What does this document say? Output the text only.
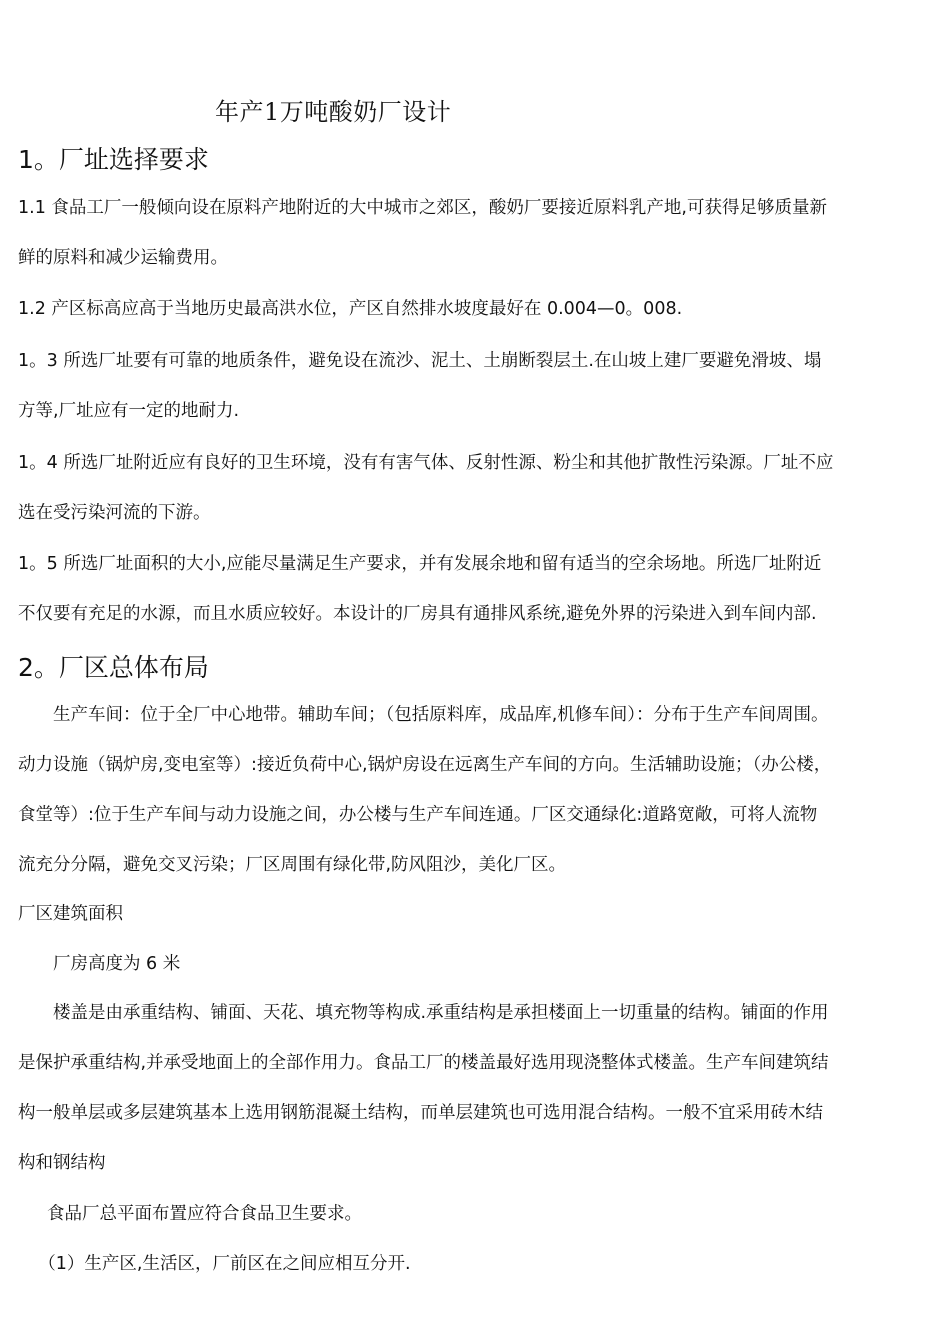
年产1万吨酸奶厂设计
1。厂址选择要求
1.1 食品工厂一般倾向设在原料产地附近的大中城市之郊区，酸奶厂要接近原料乳产地,可获得足够质量新
鲜的原料和减少运输费用。
1.2 产区标高应高于当地历史最高洪水位，产区自然排水坡度最好在 0.004—0。008.
1。3 所选厂址要有可靠的地质条件，避免设在流沙、泥土、土崩断裂层土.在山坡上建厂要避免滑坡、塌
方等,厂址应有一定的地耐力.
1。4 所选厂址附近应有良好的卫生环境，没有有害气体、反射性源、粉尘和其他扩散性污染源。厂址不应
选在受污染河流的下游。
1。5 所选厂址面积的大小,应能尽量满足生产要求，并有发展余地和留有适当的空余场地。所选厂址附近
不仅要有充足的水源，而且水质应较好。本设计的厂房具有通排风系统,避免外界的污染进入到车间内部.
2。厂区总体布局
　　生产车间：位于全厂中心地带。辅助车间；（包括原料库，成品库,机修车间）：分布于生产车间周围。
动力设施（锅炉房,变电室等）:接近负荷中心,锅炉房设在远离生产车间的方向。生活辅助设施；（办公楼，
食堂等）:位于生产车间与动力设施之间，办公楼与生产车间连通。厂区交通绿化:道路宽敞，可将人流物
流充分分隔，避免交叉污染；厂区周围有绿化带,防风阻沙，美化厂区。
厂区建筑面积
　　厂房高度为 6 米
　　楼盖是由承重结构、铺面、天花、填充物等构成.承重结构是承担楼面上一切重量的结构。铺面的作用
是保护承重结构,并承受地面上的全部作用力。食品工厂的楼盖最好选用现浇整体式楼盖。生产车间建筑结
构一般单层或多层建筑基本上选用钢筋混凝土结构，而单层建筑也可选用混合结构。一般不宜采用砖木结
构和钢结构
　　食品厂总平面布置应符合食品卫生要求。
　　（1）生产区,生活区，厂前区在之间应相互分开.
